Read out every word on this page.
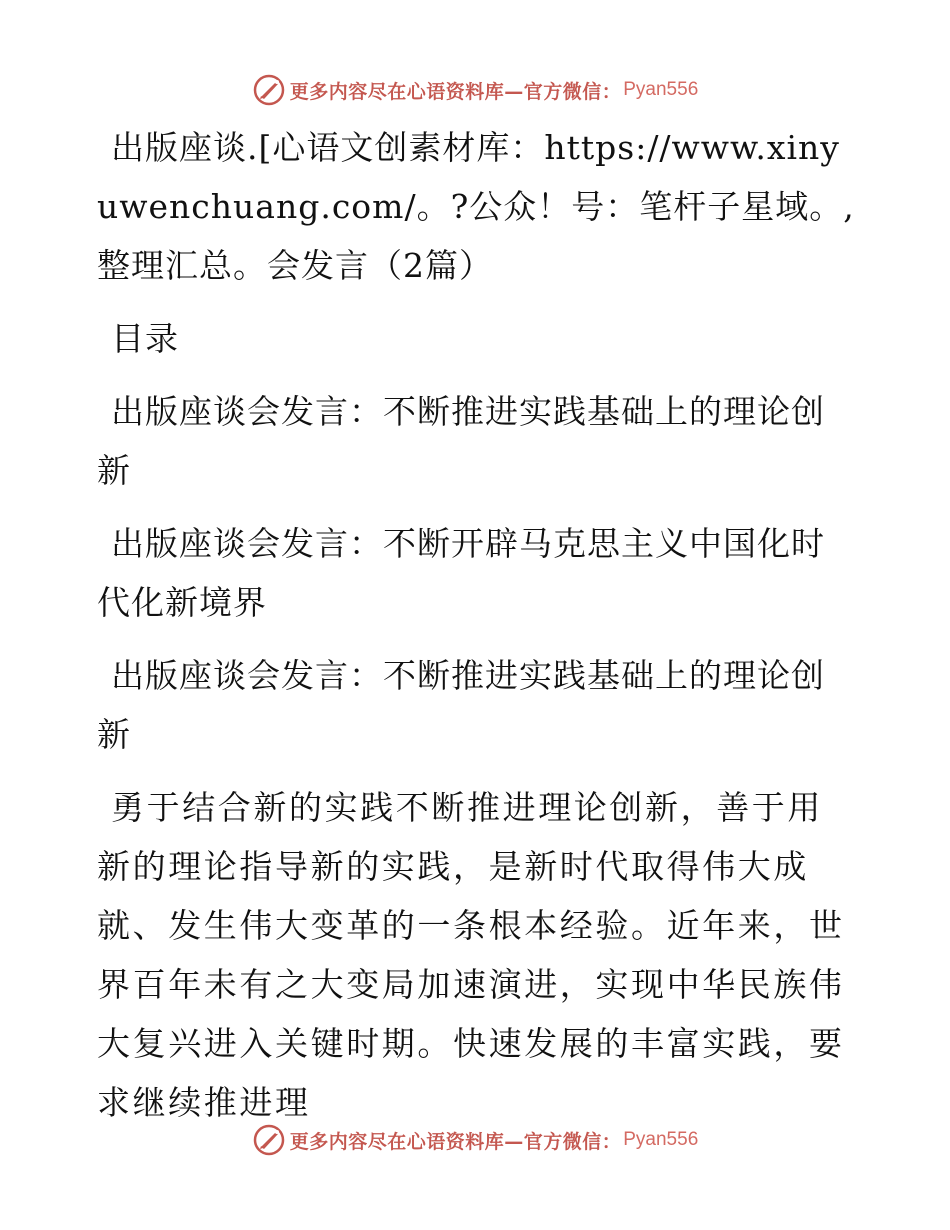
更多内容尽在心语资料库—官方微信： Pyan556

出版座谈.[心语文创素材库：https://www.xinyuwenchuang.com/。?公众！号：笔杆子星域。,整理汇总。会发言（2篇）

目录

出版座谈会发言：不断推进实践基础上的理论创新

出版座谈会发言：不断开辟马克思主义中国化时代化新境界

出版座谈会发言：不断推进实践基础上的理论创新

勇于结合新的实践不断推进理论创新，善于用新的理论指导新的实践，是新时代取得伟大成就、发生伟大变革的一条根本经验。近年来，世界百年未有之大变局加速演进，实现中华民族伟大复兴进入关键时期。快速发展的丰富实践，要求继续推进理

更多内容尽在心语资料库—官方微信： Pyan556
